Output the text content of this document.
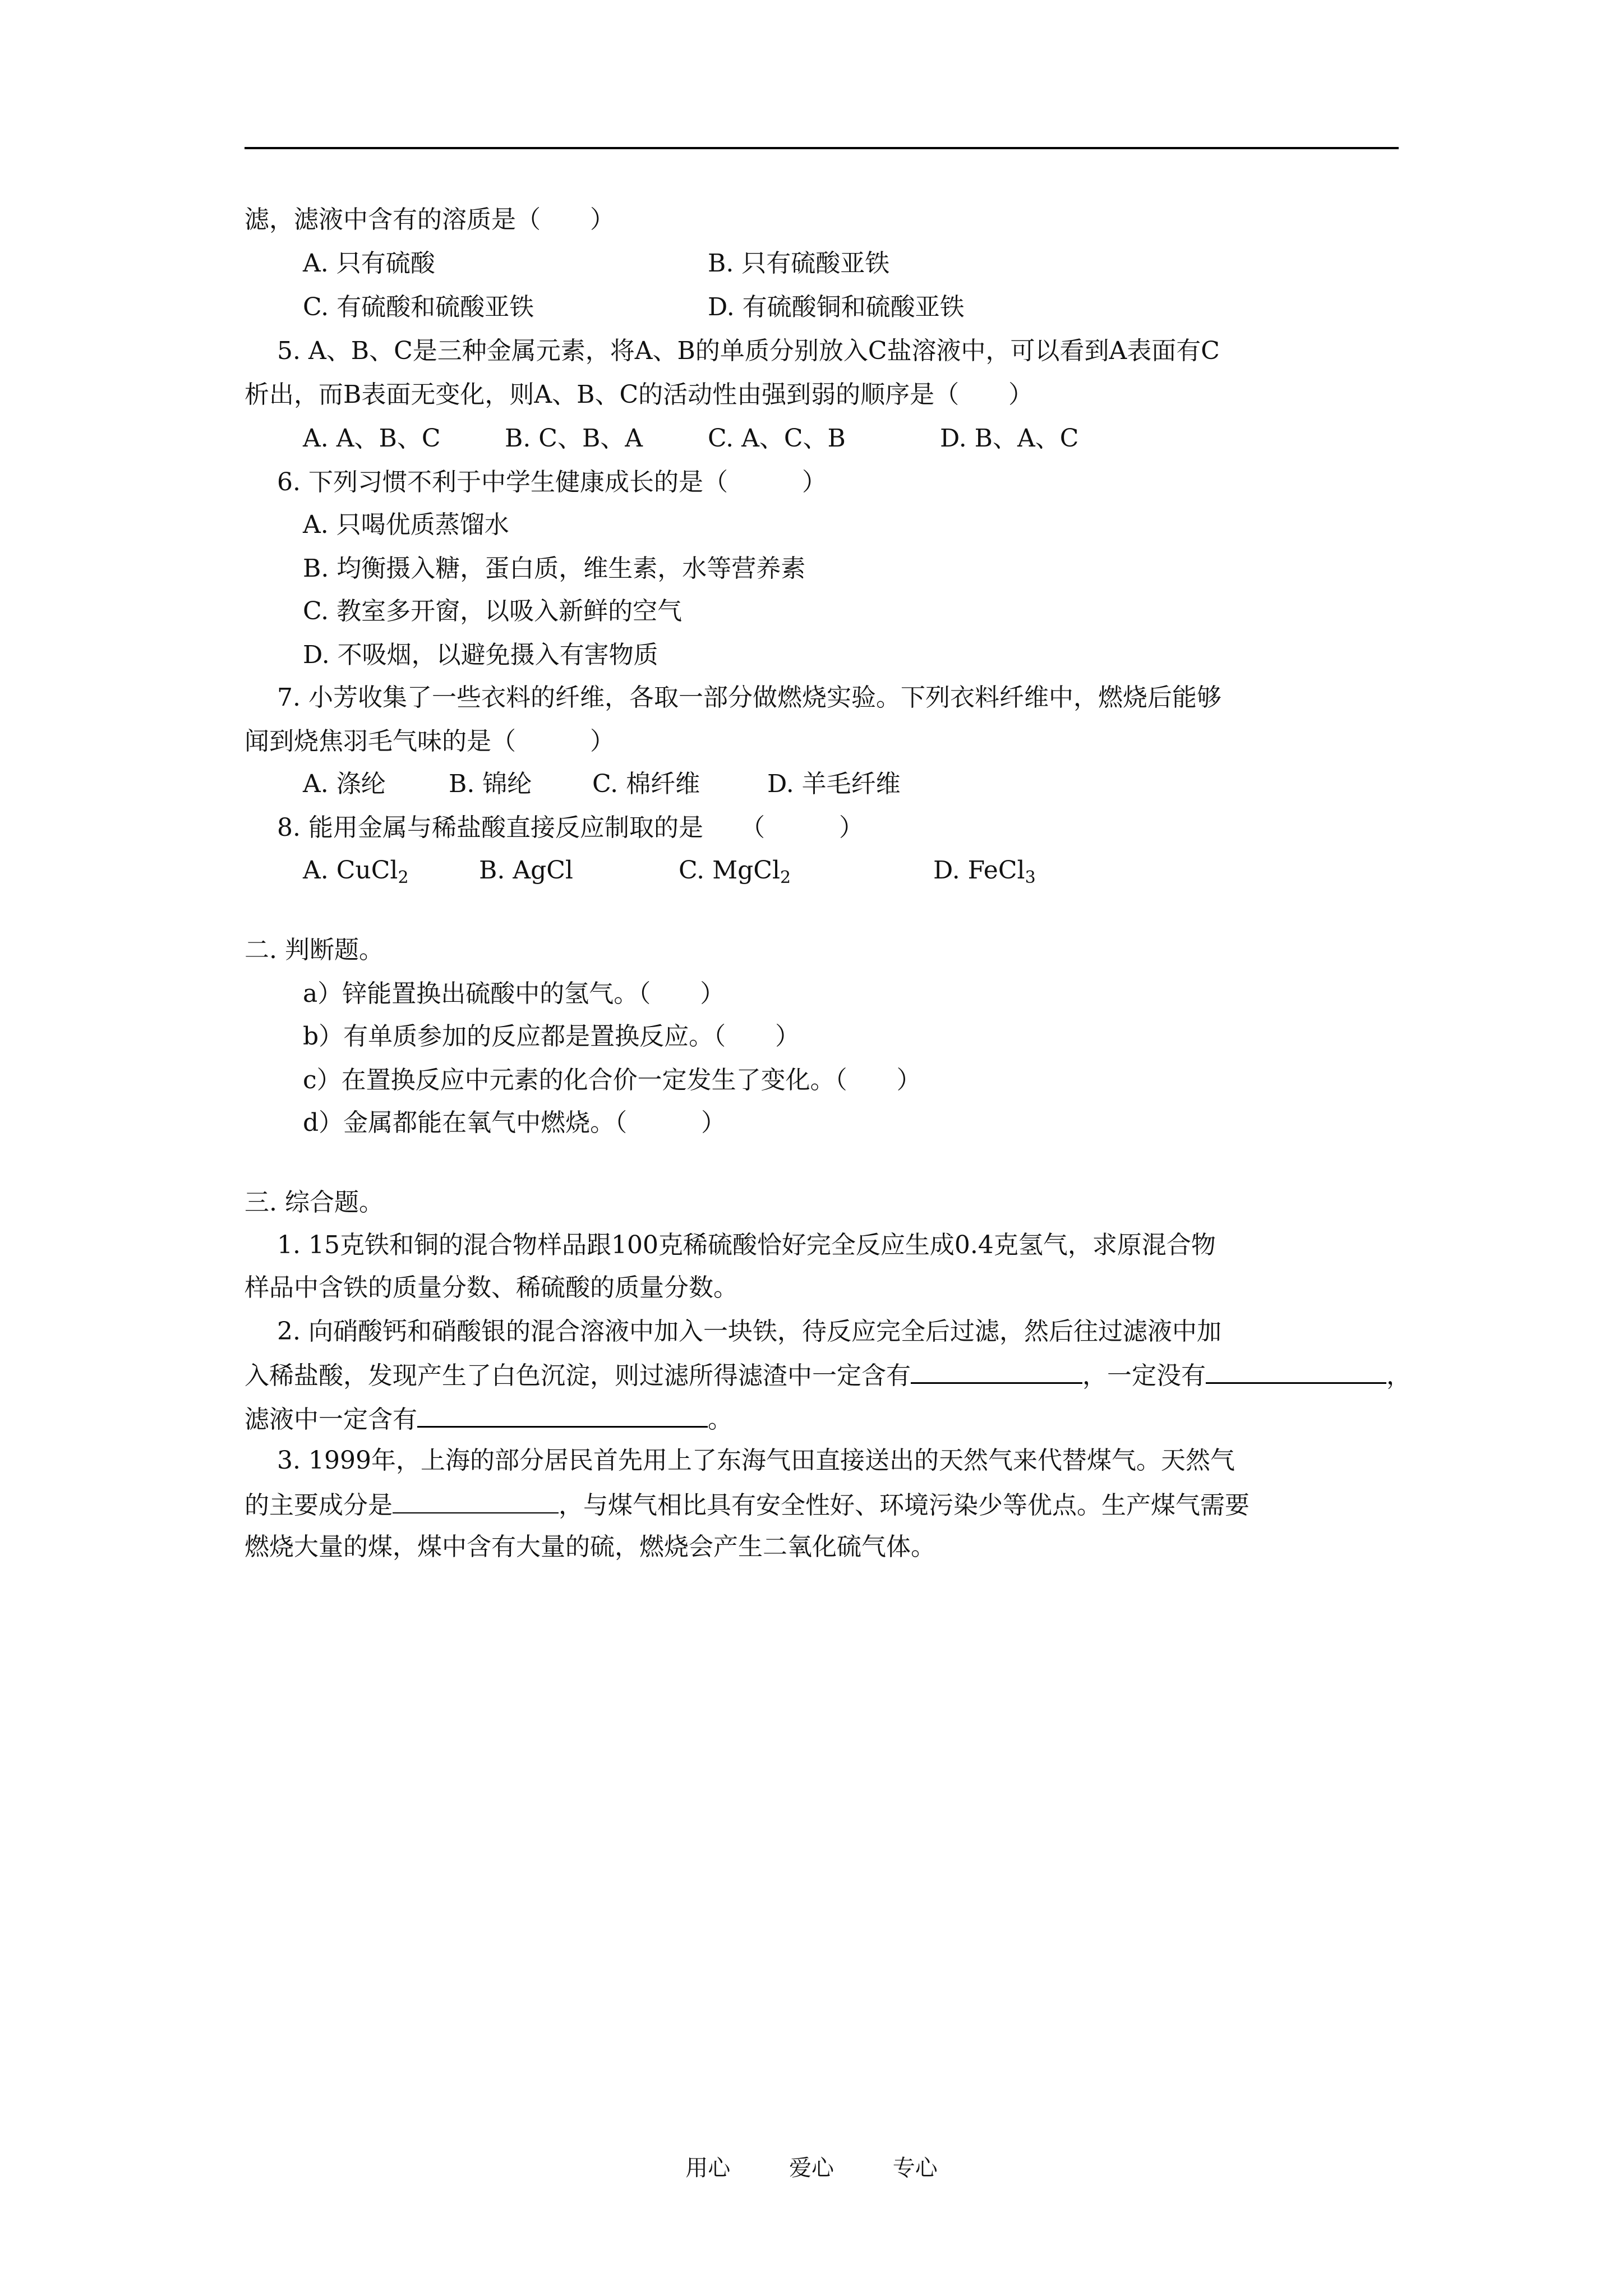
滤，滤液中含有的溶质是（　　）
A. 只有硫酸	B. 只有硫酸亚铁
C. 有硫酸和硫酸亚铁	D. 有硫酸铜和硫酸亚铁
5. A、B、C是三种金属元素，将A、B的单质分别放入C盐溶液中，可以看到A表面有C
析出，而B表面无变化，则A、B、C的活动性由强到弱的顺序是（　　）
A. A、B、C	B. C、B、A	C. A、C、B	D. B、A、C
6. 下列习惯不利于中学生健康成长的是（　　　）
A. 只喝优质蒸馏水
B. 均衡摄入糖，蛋白质，维生素，水等营养素
C. 教室多开窗，以吸入新鲜的空气
D. 不吸烟，以避免摄入有害物质
7. 小芳收集了一些衣料的纤维，各取一部分做燃烧实验。下列衣料纤维中，燃烧后能够
闻到烧焦羽毛气味的是（　　　）
A. 涤纶	B. 锦纶 C. 棉纤维	D. 羊毛纤维
8. 能用金属与稀盐酸直接反应制取的是　　（　　　）
A. CuCl$_2$	B. AgCl	C. MgCl$_2$	D. FeCl$_3$
二. 判断题。
a）锌能置换出硫酸中的氢气。（　　）
b）有单质参加的反应都是置换反应。（　　）
c）在置换反应中元素的化合价一定发生了变化。（　　）
d）金属都能在氧气中燃烧。（　　　）
三. 综合题。
1. 15克铁和铜的混合物样品跟100克稀硫酸恰好完全反应生成0.4克氢气，求原混合物
样品中含铁的质量分数、稀硫酸的质量分数。
2. 向硝酸钙和硝酸银的混合溶液中加入一块铁，待反应完全后过滤，然后往过滤液中加
入稀盐酸，发现产生了白色沉淀，则过滤所得滤渣中一定含有	，一定没有	，
滤液中一定含有	。
3. 1999年，上海的部分居民首先用上了东海气田直接送出的天然气来代替煤气。天然气
的主要成分是	，与煤气相比具有安全性好、环境污染少等优点。生产煤气需要
燃烧大量的煤，煤中含有大量的硫，燃烧会产生二氧化硫气体。
用心	爱心	专心
